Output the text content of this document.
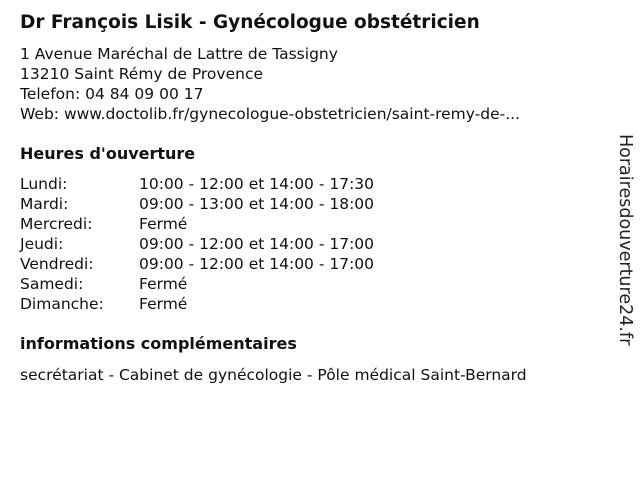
Dr François Lisik - Gynécologue obstétricien
1 Avenue Maréchal de Lattre de Tassigny
13210 Saint Rémy de Provence
Telefon: 04 84 09 00 17
Web: www.doctolib.fr/gynecologue-obstetricien/saint-remy-de-...
Heures d'ouverture
Lundi:	10:00 - 12:00 et 14:00 - 17:30
Mardi:	09:00 - 13:00 et 14:00 - 18:00
Mercredi:	Fermé
Jeudi:	09:00 - 12:00 et 14:00 - 17:00
Vendredi:	09:00 - 12:00 et 14:00 - 17:00
Samedi:	Fermé
Dimanche:	Fermé
informations complémentaires
secrétariat - Cabinet de gynécologie - Pôle médical Saint-Bernard
Horairesdouverture24.fr
